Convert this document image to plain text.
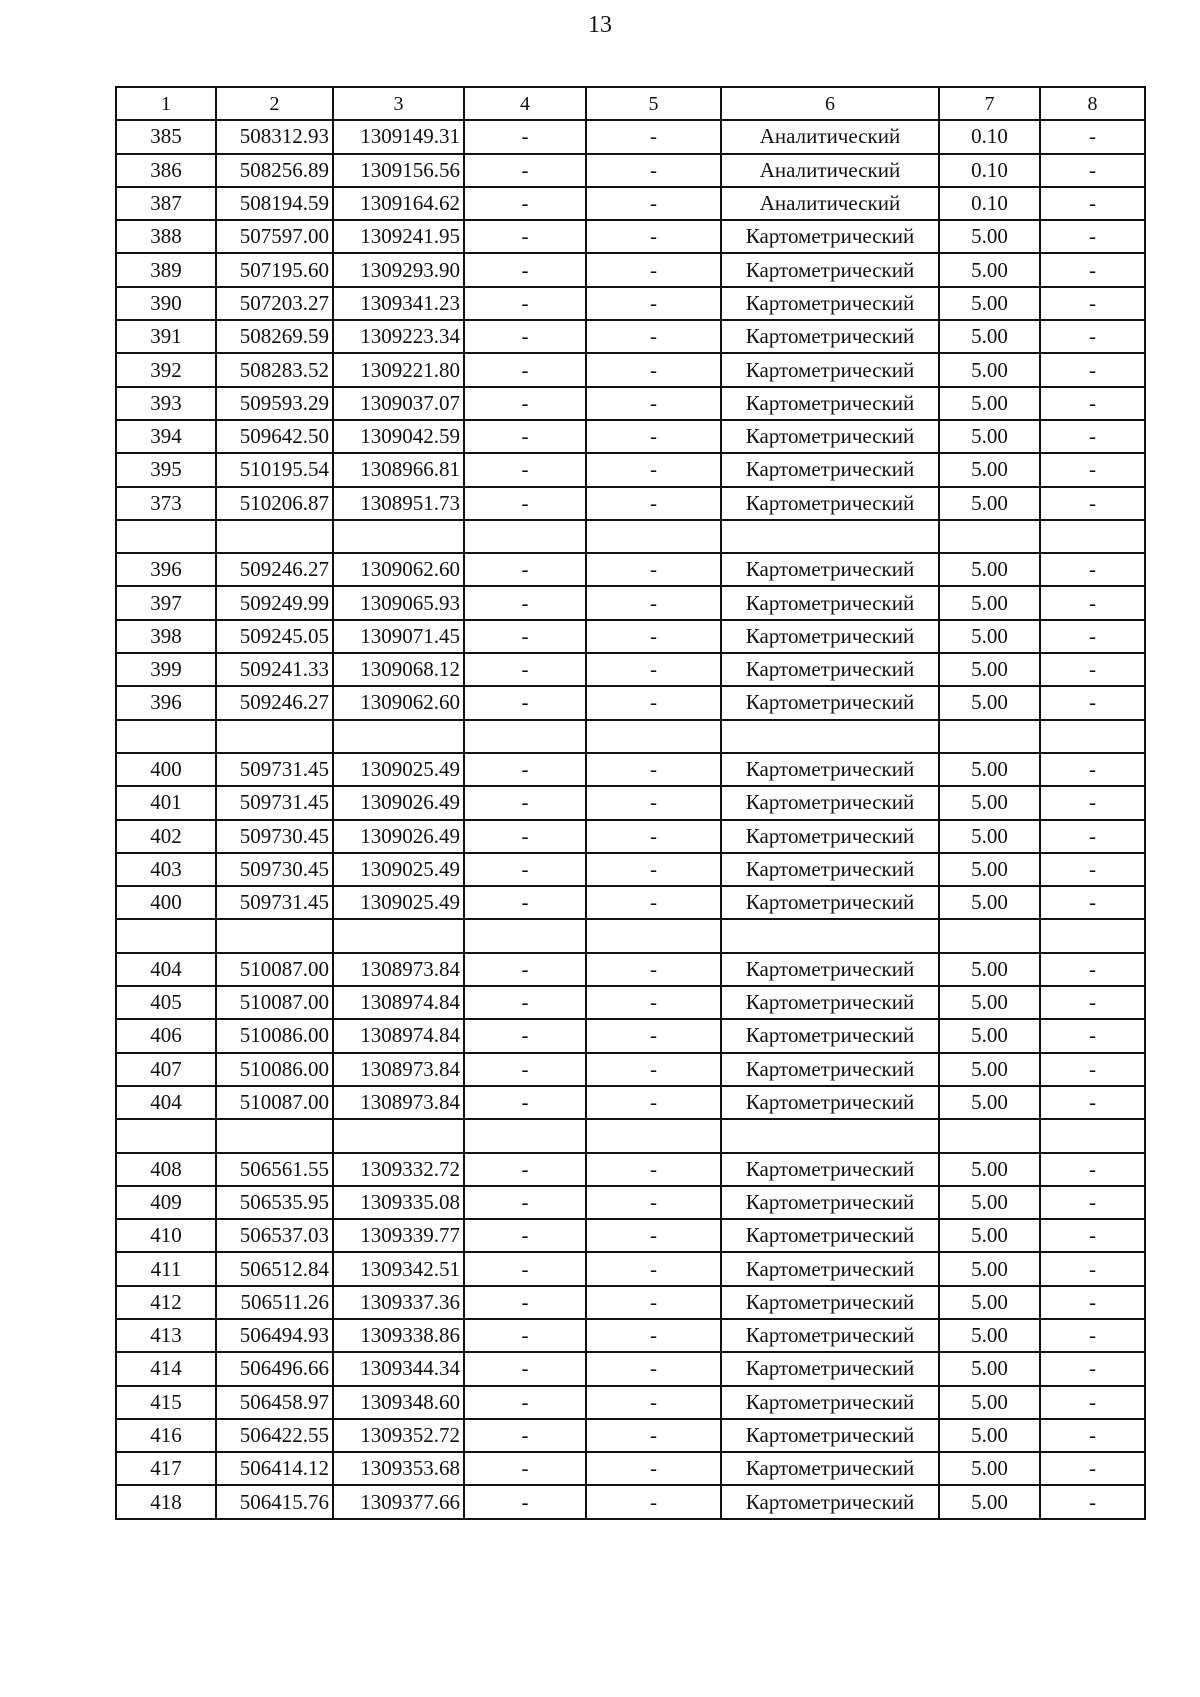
13
1	2	3	4	5	6	7	8
385	508312.93	1309149.31	-	-	Аналитический	0.10	-
386	508256.89	1309156.56	-	-	Аналитический	0.10	-
387	508194.59	1309164.62	-	-	Аналитический	0.10	-
388	507597.00	1309241.95	-	-	Картометрический	5.00	-
389	507195.60	1309293.90	-	-	Картометрический	5.00	-
390	507203.27	1309341.23	-	-	Картометрический	5.00	-
391	508269.59	1309223.34	-	-	Картометрический	5.00	-
392	508283.52	1309221.80	-	-	Картометрический	5.00	-
393	509593.29	1309037.07	-	-	Картометрический	5.00	-
394	509642.50	1309042.59	-	-	Картометрический	5.00	-
395	510195.54	1308966.81	-	-	Картометрический	5.00	-
373	510206.87	1308951.73	-	-	Картометрический	5.00	-

396	509246.27	1309062.60	-	-	Картометрический	5.00	-
397	509249.99	1309065.93	-	-	Картометрический	5.00	-
398	509245.05	1309071.45	-	-	Картометрический	5.00	-
399	509241.33	1309068.12	-	-	Картометрический	5.00	-
396	509246.27	1309062.60	-	-	Картометрический	5.00	-

400	509731.45	1309025.49	-	-	Картометрический	5.00	-
401	509731.45	1309026.49	-	-	Картометрический	5.00	-
402	509730.45	1309026.49	-	-	Картометрический	5.00	-
403	509730.45	1309025.49	-	-	Картометрический	5.00	-
400	509731.45	1309025.49	-	-	Картометрический	5.00	-

404	510087.00	1308973.84	-	-	Картометрический	5.00	-
405	510087.00	1308974.84	-	-	Картометрический	5.00	-
406	510086.00	1308974.84	-	-	Картометрический	5.00	-
407	510086.00	1308973.84	-	-	Картометрический	5.00	-
404	510087.00	1308973.84	-	-	Картометрический	5.00	-

408	506561.55	1309332.72	-	-	Картометрический	5.00	-
409	506535.95	1309335.08	-	-	Картометрический	5.00	-
410	506537.03	1309339.77	-	-	Картометрический	5.00	-
411	506512.84	1309342.51	-	-	Картометрический	5.00	-
412	506511.26	1309337.36	-	-	Картометрический	5.00	-
413	506494.93	1309338.86	-	-	Картометрический	5.00	-
414	506496.66	1309344.34	-	-	Картометрический	5.00	-
415	506458.97	1309348.60	-	-	Картометрический	5.00	-
416	506422.55	1309352.72	-	-	Картометрический	5.00	-
417	506414.12	1309353.68	-	-	Картометрический	5.00	-
418	506415.76	1309377.66	-	-	Картометрический	5.00	-
